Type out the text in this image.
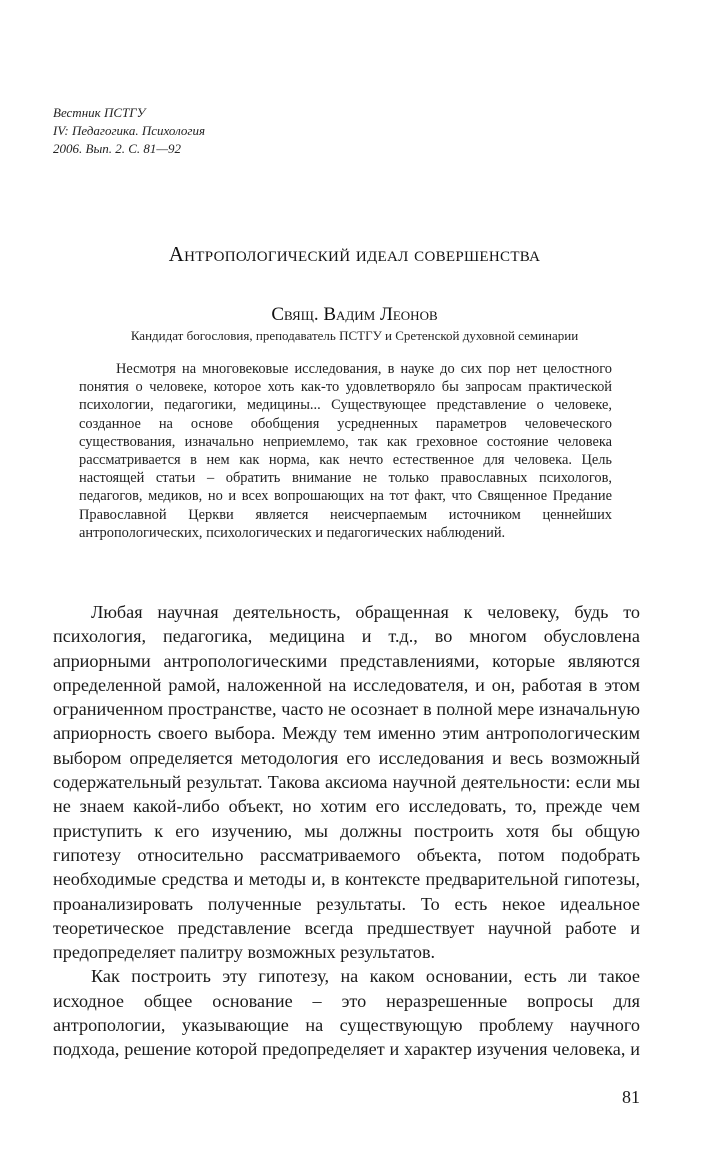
Вестник ПСТГУ
IV: Педагогика. Психология
2006. Вып. 2. С. 81—92
Антропологический идеал совершенства
Свящ. Вадим Леонов
Кандидат богословия, преподаватель ПСТГУ и Сретенской духовной семинарии
Несмотря на многовековые исследования, в науке до сих пор нет целостного понятия о человеке, которое хоть как-то удовлетворяло бы запросам практической психологии, педагогики, медицины... Существующее представление о человеке, созданное на основе обобщения усредненных параметров человеческого существования, изначально неприемлемо, так как греховное состояние человека рассматривается в нем как норма, как нечто естественное для человека. Цель настоящей статьи – обратить внимание не только православных психологов, педагогов, медиков, но и всех вопрошающих на тот факт, что Священное Предание Православной Церкви является неисчерпаемым источником ценнейших антропологических, психологических и педагогических наблюдений.

Любая научная деятельность, обращенная к человеку, будь то психология, педагогика, медицина и т.д., во многом обусловлена априорными антропологическими представлениями, которые являются определенной рамой, наложенной на исследователя, и он, работая в этом ограниченном пространстве, часто не осознает в полной мере изначальную априорность своего выбора. Между тем именно этим антропологическим выбором определяется методология его исследования и весь возможный содержательный результат. Такова аксиома научной деятельности: если мы не знаем какой-либо объект, но хотим его исследовать, то, прежде чем приступить к его изучению, мы должны построить хотя бы общую гипотезу относительно рассматриваемого объекта, потом подобрать необходимые средства и методы и, в контексте предварительной гипотезы, проанализировать полученные результаты. То есть некое идеальное теоретическое представление всегда предшествует научной работе и предопределяет палитру возможных результатов.

Как построить эту гипотезу, на каком основании, есть ли такое исходное общее основание – это неразрешенные вопросы для антропологии, указывающие на существующую проблему научного подхода, решение которой предопределяет и характер изучения человека, и

81
